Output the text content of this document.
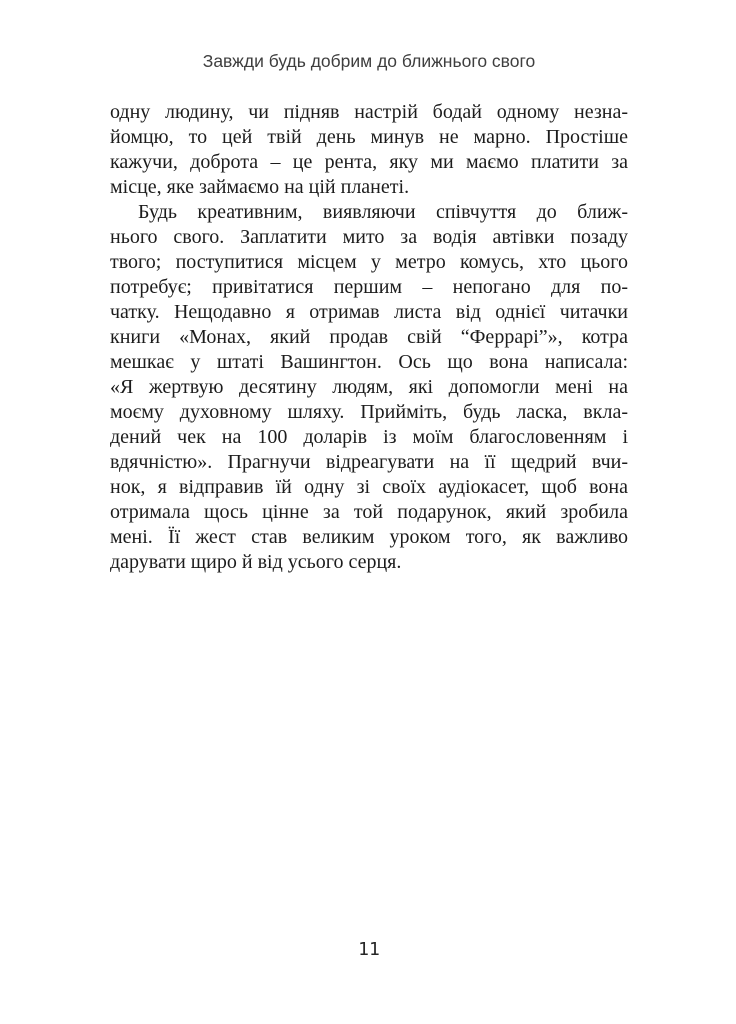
Завжди будь добрим до ближнього свого

одну людину, чи підняв настрій бодай одному незна-

йомцю, то цей твій день минув не марно. Простіше

кажучи, доброта – це рента, яку ми маємо платити за

місце, яке займаємо на цій планеті.

Будь креативним, виявляючи співчуття до ближ-

нього свого. Заплатити мито за водія автівки позаду

твого; поступитися місцем у метро комусь, хто цього

потребує; привітатися першим – непогано для по-

чатку. Нещодавно я отримав листа від однієї читачки

книги «Монах, який продав свій “Феррарі”», котра

мешкає у штаті Вашингтон. Ось що вона написала:

«Я жертвую десятину людям, які допомогли мені на

моєму духовному шляху. Прийміть, будь ласка, вкла-

дений чек на 100 доларів із моїм благословенням і

вдячністю». Прагнучи відреагувати на її щедрий вчи-

нок, я відправив їй одну зі своїх аудіокасет, щоб вона

отримала щось цінне за той подарунок, який зробила

мені. Її жест став великим уроком того, як важливо

дарувати щиро й від усього серця.

11
